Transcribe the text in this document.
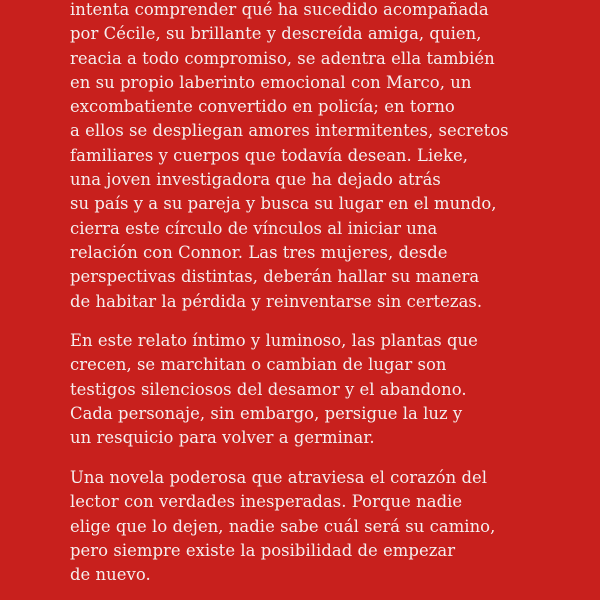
intenta comprender qué ha sucedido acompañada
por Cécile, su brillante y descreída amiga, quien,
reacia a todo compromiso, se adentra ella también
en su propio laberinto emocional con Marco, un
excombatiente convertido en policía; en torno
a ellos se despliegan amores intermitentes, secretos
familiares y cuerpos que todavía desean. Lieke,
una joven investigadora que ha dejado atrás
su país y a su pareja y busca su lugar en el mundo,
cierra este círculo de vínculos al iniciar una
relación con Connor. Las tres mujeres, desde
perspectivas distintas, deberán hallar su manera
de habitar la pérdida y reinventarse sin certezas.
En este relato íntimo y luminoso, las plantas que
crecen, se marchitan o cambian de lugar son
testigos silenciosos del desamor y el abandono.
Cada personaje, sin embargo, persigue la luz y
un resquicio para volver a germinar.
Una novela poderosa que atraviesa el corazón del
lector con verdades inesperadas. Porque nadie
elige que lo dejen, nadie sabe cuál será su camino,
pero siempre existe la posibilidad de empezar
de nuevo.
